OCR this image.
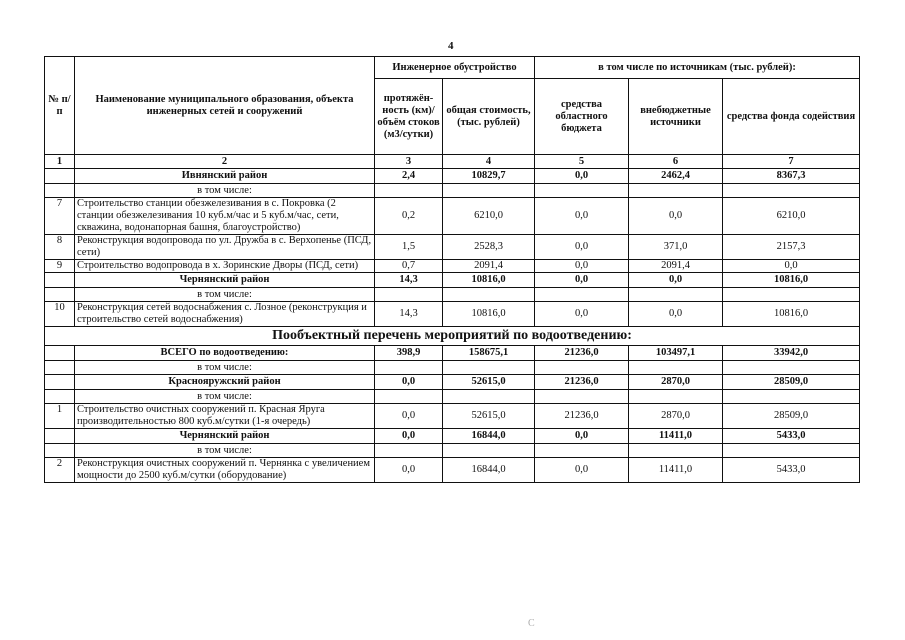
4
№ п/п	Наименование муниципального образования, объекта инженерных сетей и сооружений	Инженерное обустройство		в том числе по источникам (тыс. рублей):		
		протяжён-ность (км)/объём стоков (м3/сутки)	общая стоимость, (тыс. рублей)	средства областного бюджета	внебюджетные источники	средства фонда содействия
1	2	3	4	5	6	7
	Ивнянский район	2,4	10829,7	0,0	2462,4	8367,3
	в том числе:					
7	Строительство станции обезжелезивания в с. Покровка (2 станции обезжелезивания 10 куб.м/час и 5 куб.м/час, сети, скважина, водонапорная башня, благоустройство)	0,2	6210,0	0,0	0,0	6210,0
8	Реконструкция водопровода по ул. Дружба в с. Верхопенье (ПСД, сети)	1,5	2528,3	0,0	371,0	2157,3
9	Строительство водопровода в х. Зоринские Дворы (ПСД, сети)	0,7	2091,4	0,0	2091,4	0,0
	Чернянский район	14,3	10816,0	0,0	0,0	10816,0
	в том числе:					
10	Реконструкция сетей водоснабжения с. Лозное (реконструкция и строительство сетей водоснабжения)	14,3	10816,0	0,0	0,0	10816,0
Пообъектный перечень мероприятий по водоотведению:						
	ВСЕГО по водоотведению:	398,9	158675,1	21236,0	103497,1	33942,0
	в том числе:					
	Краснояружский район	0,0	52615,0	21236,0	2870,0	28509,0
	в том числе:					
1	Строительство очистных сооружений п. Красная Яруга производительностью 800 куб.м/сутки (1-я очередь)	0,0	52615,0	21236,0	2870,0	28509,0
	Чернянский район	0,0	16844,0	0,0	11411,0	5433,0
	в том числе:					
2	Реконструкция очистных сооружений п. Чернянка с увеличением мощности до 2500 куб.м/сутки (оборудование)	0,0	16844,0	0,0	11411,0	5433,0
С
